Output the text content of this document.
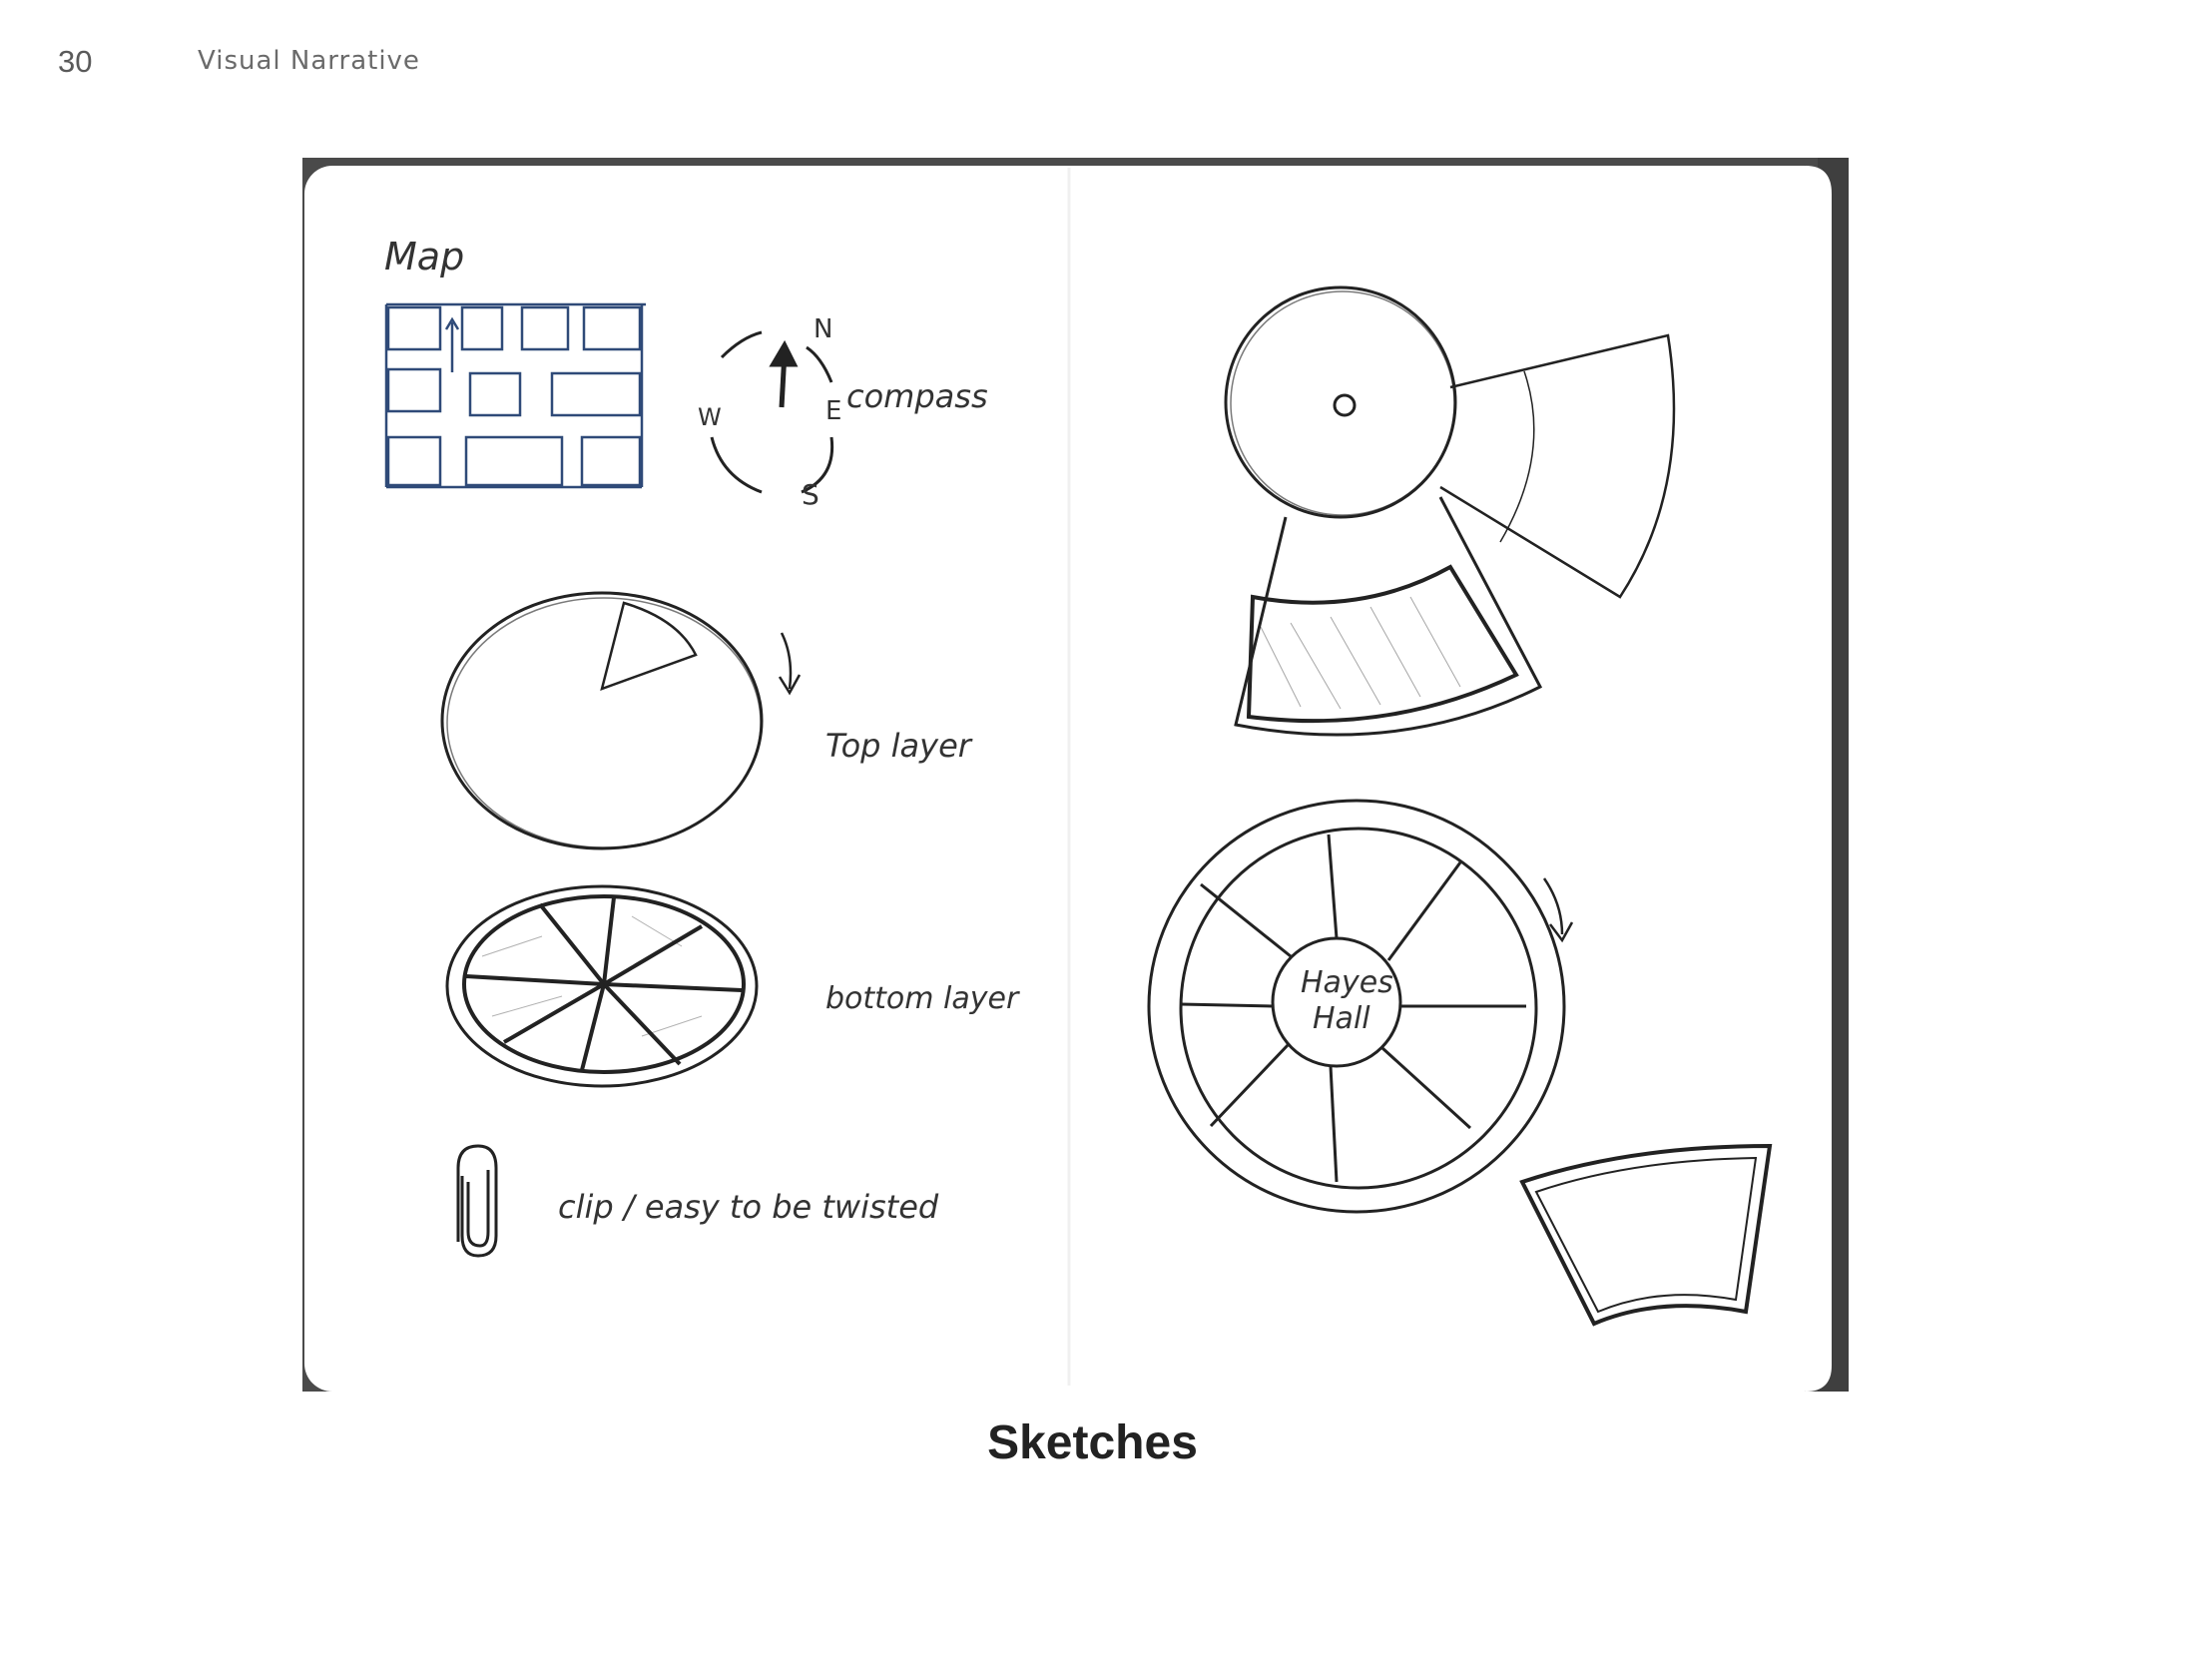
30	Visual Narrative
Map
N
W	E
S
compass
Top layer
bottom layer
clip / easy to be twisted
Hayes
Hall
Sketches
